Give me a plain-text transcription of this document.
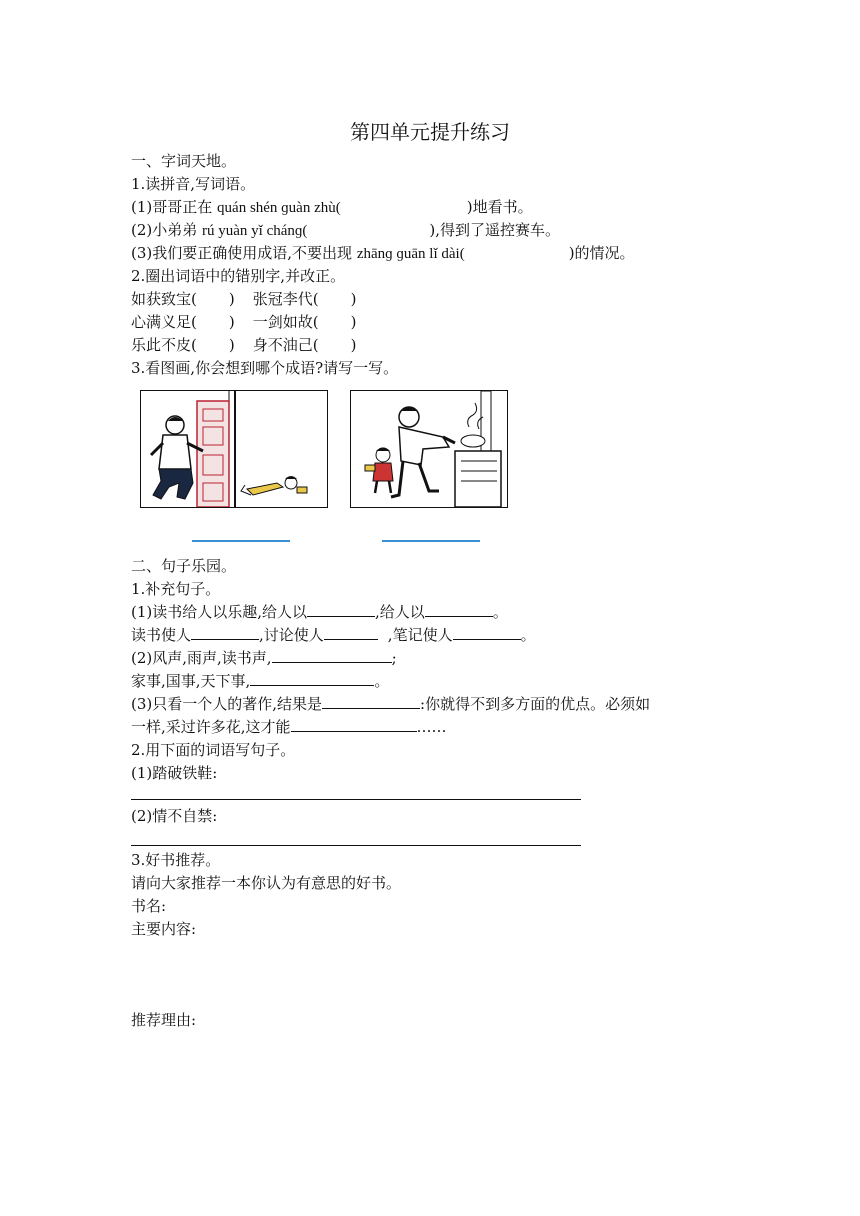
第四单元提升练习
一、字词天地。
1.读拼音,写词语。
(1)哥哥正在 quán shén ɡuàn zhù(	)地看书。
(2)小弟弟 rú yuàn yǐ chánɡ(	),得到了遥控赛车。
(3)我们要正确使用成语,不要出现 zhānɡ ɡuān lǐ dài(	)的情况。
2.圈出词语中的错别字,并改正。
如获致宝( ) 张冠李代( )
心满义足( ) 一剑如故( )
乐此不皮( ) 身不油己( )
3.看图画,你会想到哪个成语?请写一写。
二、句子乐园。
1.补充句子。
(1)读书给人以乐趣,给人以	,给人以	。
读书使人	,讨论使人	,笔记使人	。
(2)风声,雨声,读书声,	;
家事,国事,天下事,	。
(3)只看一个人的著作,结果是	:你就得不到多方面的优点。必须如
一样,采过许多花,这才能	……
2.用下面的词语写句子。
(1)踏破铁鞋:
(2)情不自禁:
3.好书推荐。
请向大家推荐一本你认为有意思的好书。
书名:
主要内容:
推荐理由:
